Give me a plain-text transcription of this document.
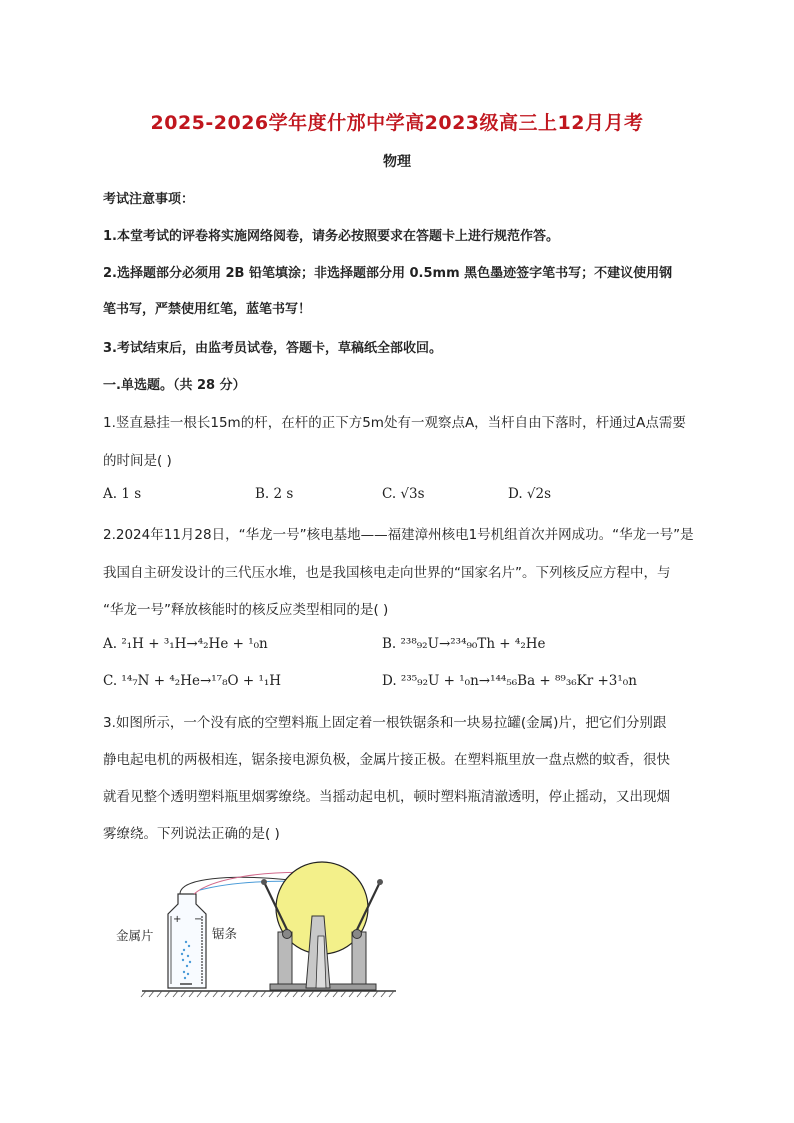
2025-2026学年度什邡中学高2023级高三上12月月考
物理
考试注意事项：
1.本堂考试的评卷将实施网络阅卷，请务必按照要求在答题卡上进行规范作答。
2.选择题部分必须用 2B 铅笔填涂；非选择题部分用 0.5mm 黑色墨迹签字笔书写；不建议使用钢
笔书写，严禁使用红笔，蓝笔书写！
3.考试结束后，由监考员试卷，答题卡，草稿纸全部收回。
一.单选题。（共 28 分）
1.竖直悬挂一根长15m的杆，在杆的正下方5m处有一观察点A，当杆自由下落时，杆通过A点需要
的时间是( )
A. 1 s	B. 2 s	C. √3s	D. √2s
2.2024年11月28日，“华龙一号”核电基地——福建漳州核电1号机组首次并网成功。“华龙一号”是
我国自主研发设计的三代压水堆，也是我国核电走向世界的“国家名片”。下列核反应方程中，与
“华龙一号”释放核能时的核反应类型相同的是( )
A. ²₁H + ³₁H→⁴₂He + ¹₀n	B. ²³⁸₉₂U→²³⁴₉₀Th + ⁴₂He
C. ¹⁴₇N + ⁴₂He→¹⁷₈O + ¹₁H	D. ²³⁵₉₂U + ¹₀n→¹⁴⁴₅₆Ba + ⁸⁹₃₆Kr +3¹₀n
3.如图所示，一个没有底的空塑料瓶上固定着一根铁锯条和一块易拉罐(金属)片，把它们分别跟
静电起电机的两极相连，锯条接电源负极，金属片接正极。在塑料瓶里放一盘点燃的蚊香，很快
就看见整个透明塑料瓶里烟雾缭绕。当摇动起电机，顿时塑料瓶清澈透明，停止摇动，又出现烟
雾缭绕。下列说法正确的是( )
金属片	锯条
+ −
